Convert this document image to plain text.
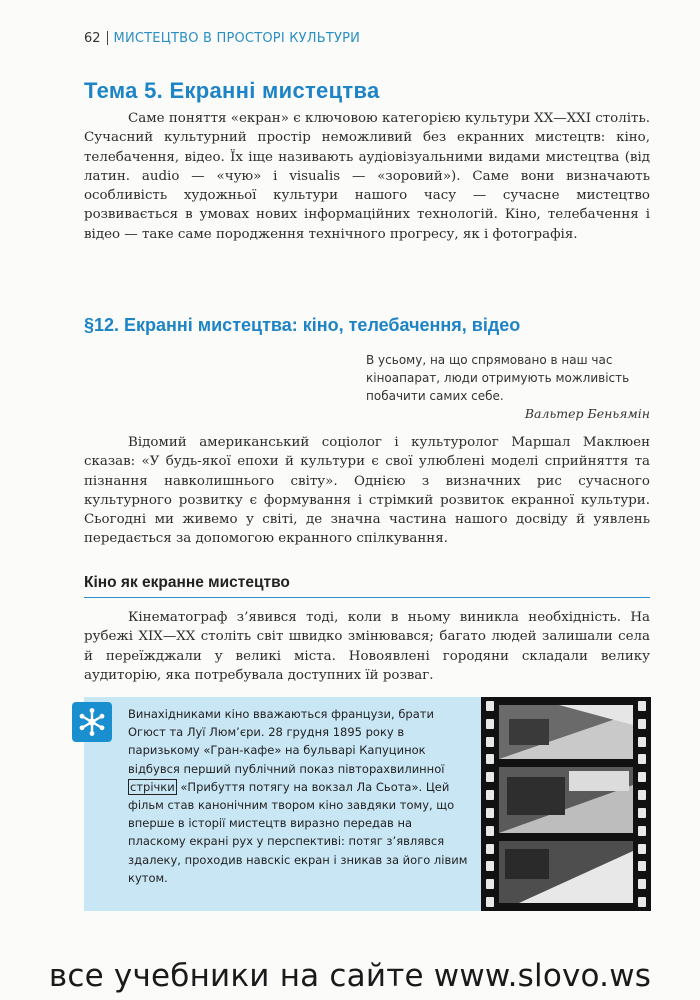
62 МИСТЕЦТВО В ПРОСТОРІ КУЛЬТУРИ
Тема 5. Екранні мистецтва

Саме поняття «екран» є ключовою категорією культури XX—XXI століть. Сучасний культурний простір неможливий без екранних мистецтв: кіно, телебачення, відео. Їх іще називають аудіовізуальними видами мистецтва (від латин. audio — «чую» і visualis — «зоровий»). Саме вони визначають особливість художньої культури нашого часу — сучасне мистецтво розвивається в умовах нових інформаційних технологій. Кіно, телебачення і відео — таке саме породження технічного прогресу, як і фотографія.

§12. Екранні мистецтва: кіно, телебачення, відео
В усьому, на що спрямовано в наш час кіноапарат, люди отримують можливість побачити самих себе.
Вальтер Беньямін

Відомий американський соціолог і культуролог Маршал Маклюен сказав: «У будь-якої епохи й культури є свої улюблені моделі сприйняття та пізнання навколишнього світу». Однією з визначних рис сучасного культурного розвитку є формування і стрімкий розвиток екранної культури. Сьогодні ми живемо у світі, де значна частина нашого досвіду й уявлень передається за допомогою екранного спілкування.

Кіно як екранне мистецтво

Кінематограф з’явився тоді, коли в ньому виникла необхідність. На рубежі XIX—XX століть світ швидко змінювався; багато людей залишали села й переїжджали у великі міста. Новоявлені городяни складали велику аудиторію, яка потребувала доступних їй розваг.

Винахідниками кіно вважаються французи, брати Огюст та Луї Люм’єри. 28 грудня 1895 року в паризькому «Гран-кафе» на бульварі Капуцинок відбувся перший публічний показ півторахвилинної стрічки «Прибуття потягу на вокзал Ла Сьота». Цей фільм став канонічним твором кіно завдяки тому, що вперше в історії мистецтв виразно передав на пласкому екрані рух у перспективі: потяг з’являвся здалеку, проходив навскіс екран і зникав за його лівим кутом.
все учебники на сайте www.slovo.ws
